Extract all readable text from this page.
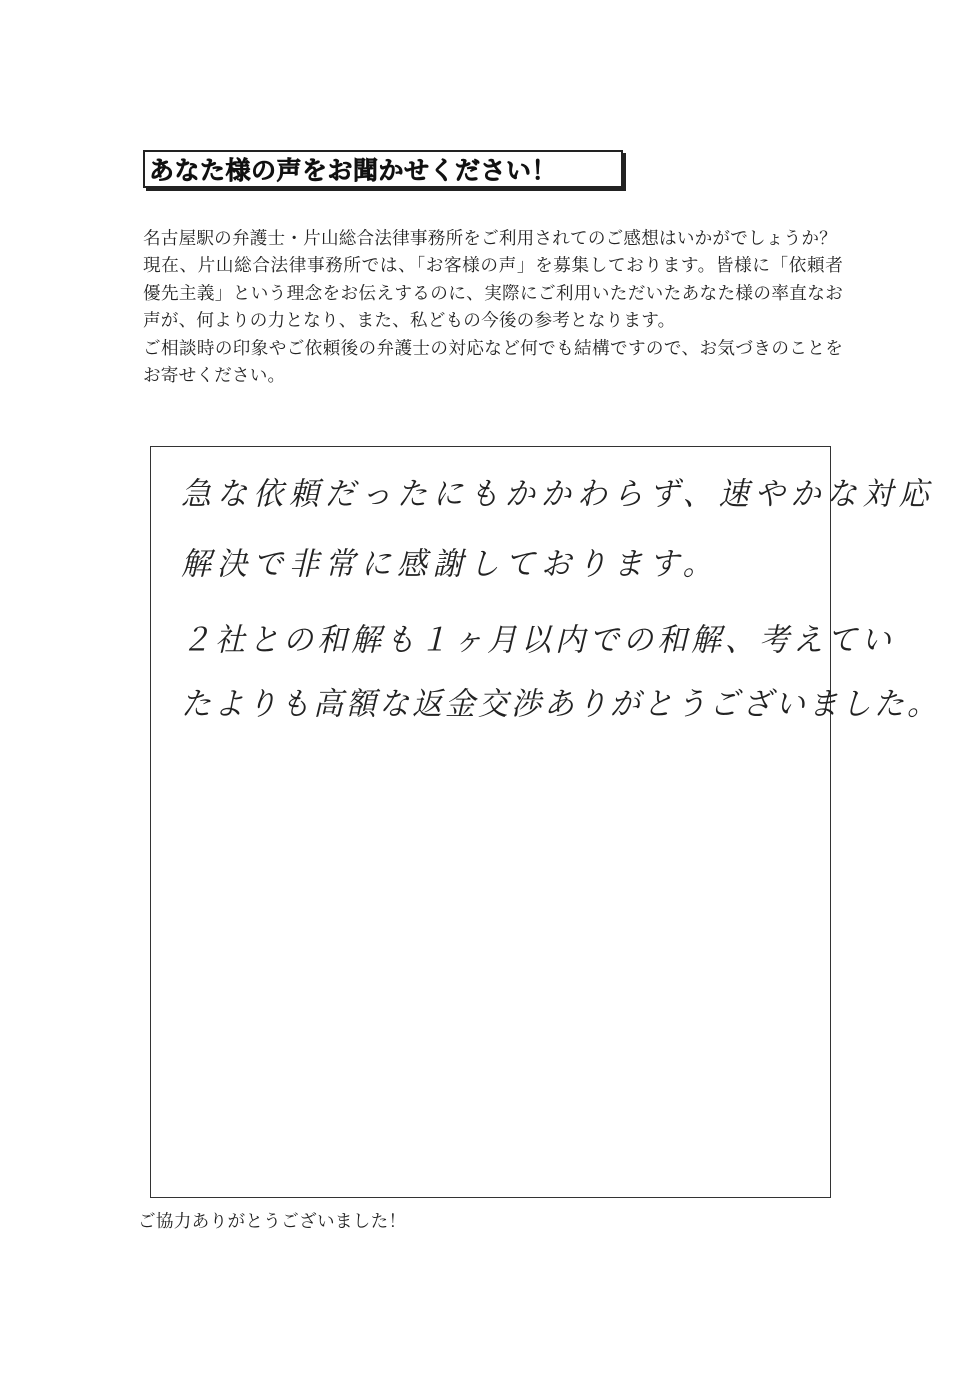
あなた様の声をお聞かせください！

名古屋駅の弁護士・片山総合法律事務所をご利用されてのご感想はいかがでしょうか？

現在、片山総合法律事務所では、「お客様の声」を募集しております。皆様に「依頼者優先主義」という理念をお伝えするのに、実際にご利用いただいたあなた様の率直なお声が、何よりの力となり、また、私どもの今後の参考となります。

ご相談時の印象やご依頼後の弁護士の対応など何でも結構ですので、お気づきのことをお寄せください。

急な依頼だったにもかかわらず、速やかな対応
解決で非常に感謝しております。
２社との和解も１ヶ月以内での和解、考えてい
たよりも高額な返金交渉ありがとうございました。
ご協力ありがとうございました！
